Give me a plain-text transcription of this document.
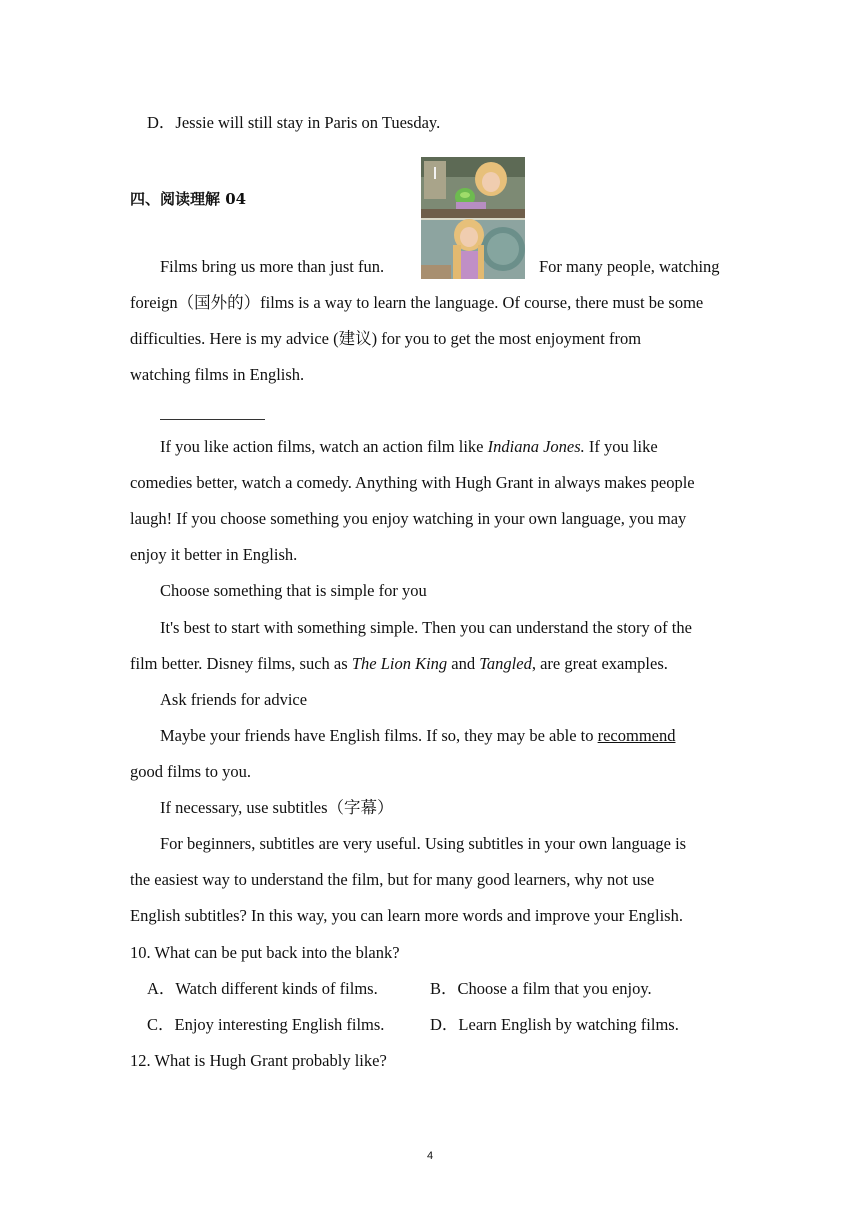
D．Jessie will still stay in Paris on Tuesday.
四、阅读理解 04
Films bring us more than just fun.	For many people, watching
foreign（国外的）films is a way to learn the language. Of course, there must be some
difficulties. Here is my advice (建议) for you to get the most enjoyment from
watching films in English.
If you like action films, watch an action film like Indiana Jones. If you like
comedies better, watch a comedy. Anything with Hugh Grant in always makes people
laugh! If you choose something you enjoy watching in your own language, you may
enjoy it better in English.
Choose something that is simple for you
It's best to start with something simple. Then you can understand the story of the
film better. Disney films, such as The Lion King and Tangled, are great examples.
Ask friends for advice
Maybe your friends have English films. If so, they may be able to recommend
good films to you.
If necessary, use subtitles（字幕）
For beginners, subtitles are very useful. Using subtitles in your own language is
the easiest way to understand the film, but for many good learners, why not use
English subtitles? In this way, you can learn more words and improve your English.
10. What can be put back into the blank?
A．Watch different kinds of films.	B．Choose a film that you enjoy.
C．Enjoy interesting English films.	D．Learn English by watching films.
12. What is Hugh Grant probably like?
4
